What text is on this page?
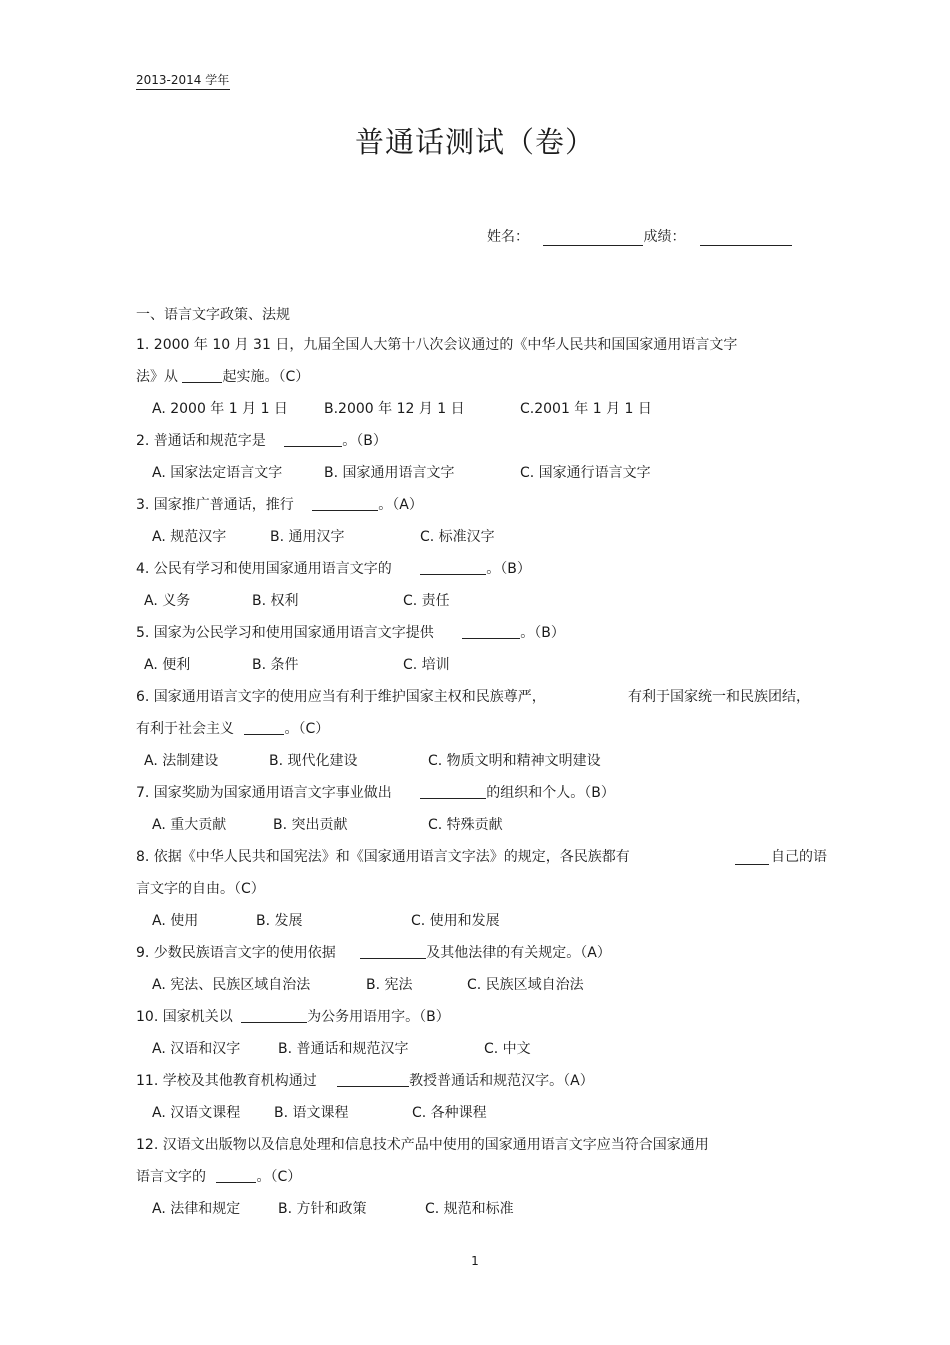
2013-2014 学年
普通话测试（卷）
姓名：	成绩：
一、语言文字政策、法规
1. 2000 年 10 月 31 日，九届全国人大第十八次会议通过的《中华人民共和国国家通用语言文字
法》从	起实施。（C）
A. 2000 年 1 月 1 日	B.2000 年 12 月 1 日	C.2001 年 1 月 1 日
2. 普通话和规范字是	。（B）
A. 国家法定语言文字	B. 国家通用语言文字	C. 国家通行语言文字
3. 国家推广普通话，推行	。（A）
A. 规范汉字	B. 通用汉字	C. 标准汉字
4. 公民有学习和使用国家通用语言文字的	。（B）
A. 义务	B. 权利	C. 责任
5. 国家为公民学习和使用国家通用语言文字提供	。（B）
A. 便利	B. 条件	C. 培训
6. 国家通用语言文字的使用应当有利于维护国家主权和民族尊严，	有利于国家统一和民族团结，
有利于社会主义	。（C）
A. 法制建设	B. 现代化建设	C. 物质文明和精神文明建设
7. 国家奖励为国家通用语言文字事业做出	的组织和个人。（B）
A. 重大贡献	B. 突出贡献	C. 特殊贡献
8. 依据《中华人民共和国宪法》和《国家通用语言文字法》的规定，各民族都有	自己的语
言文字的自由。（C）
A. 使用	B. 发展	C. 使用和发展
9. 少数民族语言文字的使用依据	及其他法律的有关规定。（A）
A. 宪法、民族区域自治法	B. 宪法	C. 民族区域自治法
10. 国家机关以	为公务用语用字。（B）
A. 汉语和汉字	B. 普通话和规范汉字	C. 中文
11. 学校及其他教育机构通过	教授普通话和规范汉字。（A）
A. 汉语文课程 B. 语文课程	C. 各种课程
12. 汉语文出版物以及信息处理和信息技术产品中使用的国家通用语言文字应当符合国家通用
语言文字的	。（C）
A. 法律和规定	B. 方针和政策	C. 规范和标准
1
